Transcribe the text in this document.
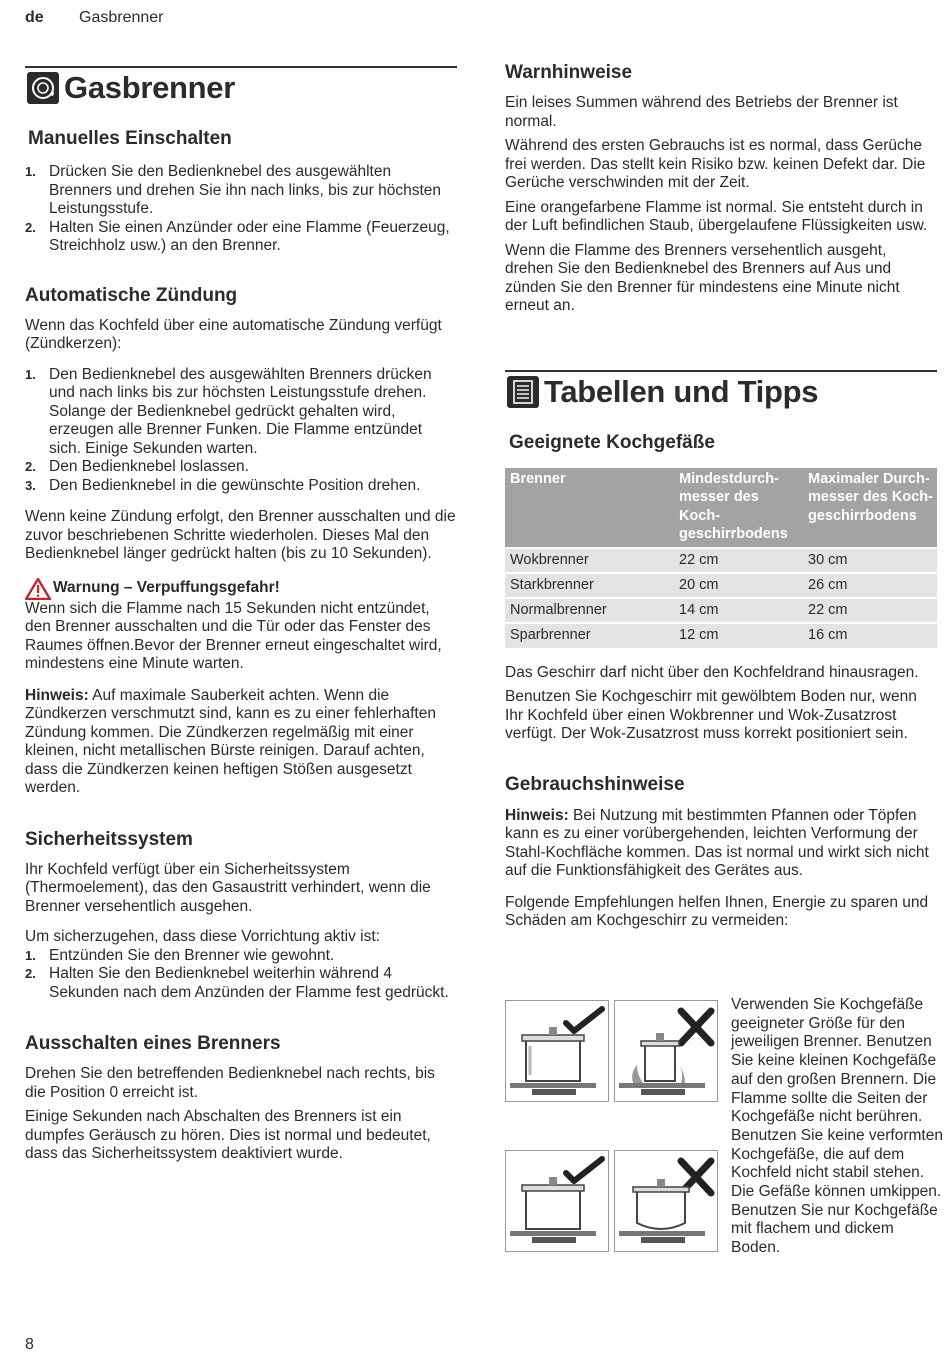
de Gasbrenner
Gasbrenner
Manuelles Einschalten
1. Drücken Sie den Bedienknebel des ausgewählten Brenners und drehen Sie ihn nach links, bis zur höchsten Leistungsstufe.
2. Halten Sie einen Anzünder oder eine Flamme (Feuerzeug, Streichholz usw.) an den Brenner.
Automatische Zündung

Wenn das Kochfeld über eine automatische Zündung verfügt (Zündkerzen):

1. Den Bedienknebel des ausgewählten Brenners drücken und nach links bis zur höchsten Leistungsstufe drehen.
Solange der Bedienknebel gedrückt gehalten wird, erzeugen alle Brenner Funken. Die Flamme entzündet sich. Einige Sekunden warten.
2. Den Bedienknebel loslassen.
3. Den Bedienknebel in die gewünschte Position drehen.

Wenn keine Zündung erfolgt, den Brenner ausschalten und die zuvor beschriebenen Schritte wiederholen. Dieses Mal den Bedienknebel länger gedrückt halten (bis zu 10 Sekunden).

Warnung – Verpuffungsgefahr!

Wenn sich die Flamme nach 15 Sekunden nicht entzündet, den Brenner ausschalten und die Tür oder das Fenster des Raumes öffnen.Bevor der Brenner erneut eingeschaltet wird, mindestens eine Minute warten.

Hinweis: Auf maximale Sauberkeit achten. Wenn die Zündkerzen verschmutzt sind, kann es zu einer fehlerhaften Zündung kommen. Die Zündkerzen regelmäßig mit einer kleinen, nicht metallischen Bürste reinigen. Darauf achten, dass die Zündkerzen keinen heftigen Stößen ausgesetzt werden.

Sicherheitssystem

Ihr Kochfeld verfügt über ein Sicherheitssystem (Thermoelement), das den Gasaustritt verhindert, wenn die Brenner versehentlich ausgehen.

Um sicherzugehen, dass diese Vorrichtung aktiv ist:

1. Entzünden Sie den Brenner wie gewohnt.
2. Halten Sie den Bedienknebel weiterhin während 4 Sekunden nach dem Anzünden der Flamme fest gedrückt.
Ausschalten eines Brenners

Drehen Sie den betreffenden Bedienknebel nach rechts, bis die Position 0 erreicht ist.

Einige Sekunden nach Abschalten des Brenners ist ein dumpfes Geräusch zu hören. Dies ist normal und bedeutet, dass das Sicherheitssystem deaktiviert wurde.

Warnhinweise

Ein leises Summen während des Betriebs der Brenner ist normal.

Während des ersten Gebrauchs ist es normal, dass Gerüche frei werden. Das stellt kein Risiko bzw. keinen Defekt dar. Die Gerüche verschwinden mit der Zeit.

Eine orangefarbene Flamme ist normal. Sie entsteht durch in der Luft befindlichen Staub, übergelaufene Flüssigkeiten usw.

Wenn die Flamme des Brenners versehentlich ausgeht, drehen Sie den Bedienknebel des Brenners auf Aus und zünden Sie den Brenner für mindestens eine Minute nicht erneut an.

Tabellen und Tipps
Geeignete Kochgefäße
Brenner	Mindestdurch-
messer des Koch-
geschirrbodens	Maximaler Durch-
messer des Koch-
geschirrbodens
Wokbrenner	22 cm	30 cm
Starkbrenner	20 cm	26 cm
Normalbrenner	14 cm	22 cm
Sparbrenner	12 cm	16 cm

Das Geschirr darf nicht über den Kochfeldrand hinausragen.

Benutzen Sie Kochgeschirr mit gewölbtem Boden nur, wenn Ihr Kochfeld über einen Wokbrenner und Wok-Zusatzrost verfügt. Der Wok-Zusatzrost muss korrekt positioniert sein.

Gebrauchshinweise

Hinweis: Bei Nutzung mit bestimmten Pfannen oder Töpfen kann es zu einer vorübergehenden, leichten Verformung der Stahl-Kochfläche kommen. Das ist normal und wirkt sich nicht auf die Funktionsfähigkeit des Gerätes aus.

Folgende Empfehlungen helfen Ihnen, Energie zu sparen und Schäden am Kochgeschirr zu vermeiden:

Verwenden Sie Kochgefäße geeigneter Größe für den jeweiligen Brenner. Benutzen Sie keine kleinen Kochgefäße auf den großen Brennern. Die Flamme sollte die Seiten der Kochgefäße nicht berühren. Benutzen Sie keine verformten Kochgefäße, die auf dem Kochfeld nicht stabil stehen. Die Gefäße können umkippen. Benutzen Sie nur Kochgefäße mit flachem und dickem Boden.
8
